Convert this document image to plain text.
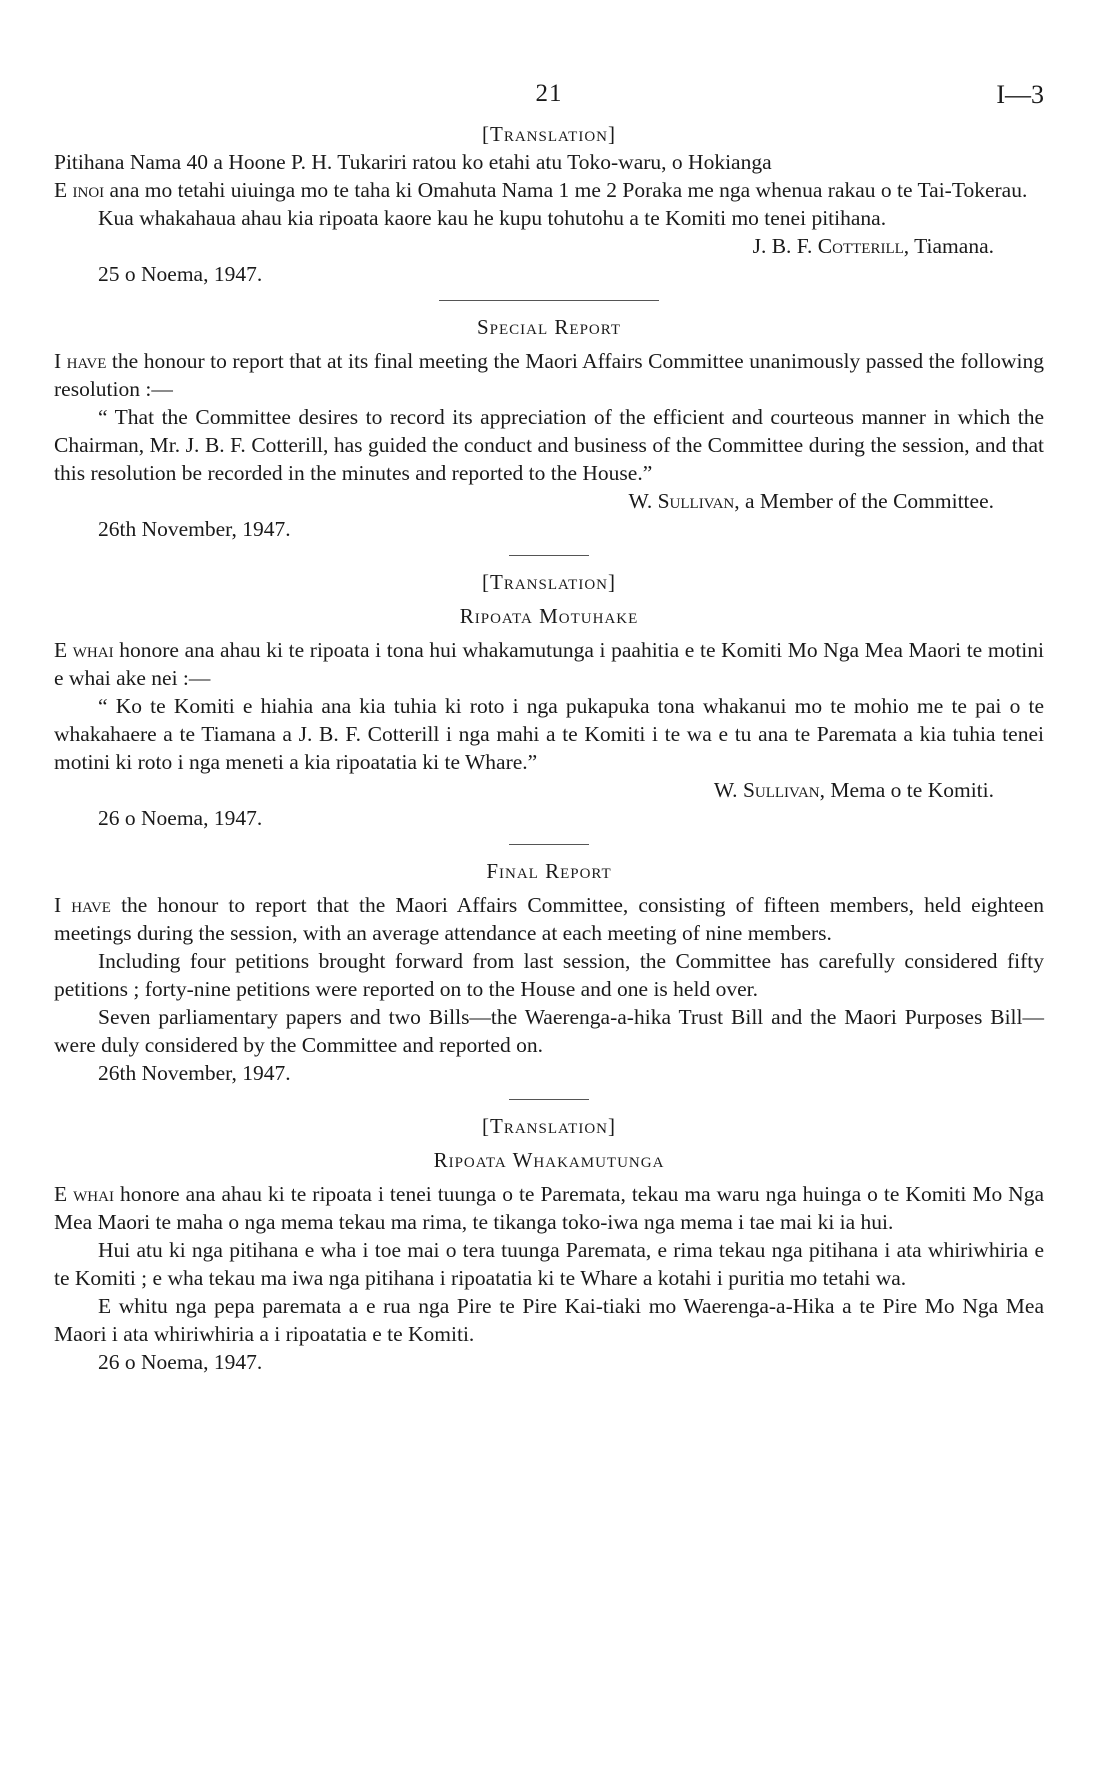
21	I—3

[Translation]

Pitihana Nama 40 a Hoone P. H. Tukariri ratou ko etahi atu Toko-waru, o Hokianga

E inoi ana mo tetahi uiuinga mo te taha ki Omahuta Nama 1 me 2 Poraka me nga whenua rakau o te Tai-Tokerau.

Kua whakahaua ahau kia ripoata kaore kau he kupu tohutohu a te Komiti mo tenei pitihana.

J. B. F. Cotterill, Tiamana.

25 o Noema, 1947.

Special Report

I have the honour to report that at its final meeting the Maori Affairs Committee unanimously passed the following resolution :—

“ That the Committee desires to record its appreciation of the efficient and courteous manner in which the Chairman, Mr. J. B. F. Cotterill, has guided the conduct and business of the Committee during the session, and that this resolution be recorded in the minutes and reported to the House.”

W. Sullivan, a Member of the Committee.

26th November, 1947.

[Translation]

Ripoata Motuhake

E whai honore ana ahau ki te ripoata i tona hui whakamutunga i paahitia e te Komiti Mo Nga Mea Maori te motini e whai ake nei :—

“ Ko te Komiti e hiahia ana kia tuhia ki roto i nga pukapuka tona whakanui mo te mohio me te pai o te whakahaere a te Tiamana a J. B. F. Cotterill i nga mahi a te Komiti i te wa e tu ana te Paremata a kia tuhia tenei motini ki roto i nga meneti a kia ripoatatia ki te Whare.”

W. Sullivan, Mema o te Komiti.

26 o Noema, 1947.

Final Report

I have the honour to report that the Maori Affairs Committee, consisting of fifteen members, held eighteen meetings during the session, with an average attendance at each meeting of nine members.

Including four petitions brought forward from last session, the Committee has carefully considered fifty petitions ; forty-nine petitions were reported on to the House and one is held over.

Seven parliamentary papers and two Bills—the Waerenga-a-hika Trust Bill and the Maori Purposes Bill—were duly considered by the Committee and reported on.

26th November, 1947.

[Translation]

Ripoata Whakamutunga

E whai honore ana ahau ki te ripoata i tenei tuunga o te Paremata, tekau ma waru nga huinga o te Komiti Mo Nga Mea Maori te maha o nga mema tekau ma rima, te tikanga toko-iwa nga mema i tae mai ki ia hui.

Hui atu ki nga pitihana e wha i toe mai o tera tuunga Paremata, e rima tekau nga pitihana i ata whiriwhiria e te Komiti ; e wha tekau ma iwa nga pitihana i ripoatatia ki te Whare a kotahi i puritia mo tetahi wa.

E whitu nga pepa paremata a e rua nga Pire te Pire Kai-tiaki mo Waerenga-a-Hika a te Pire Mo Nga Mea Maori i ata whiriwhiria a i ripoatatia e te Komiti.

26 o Noema, 1947.
